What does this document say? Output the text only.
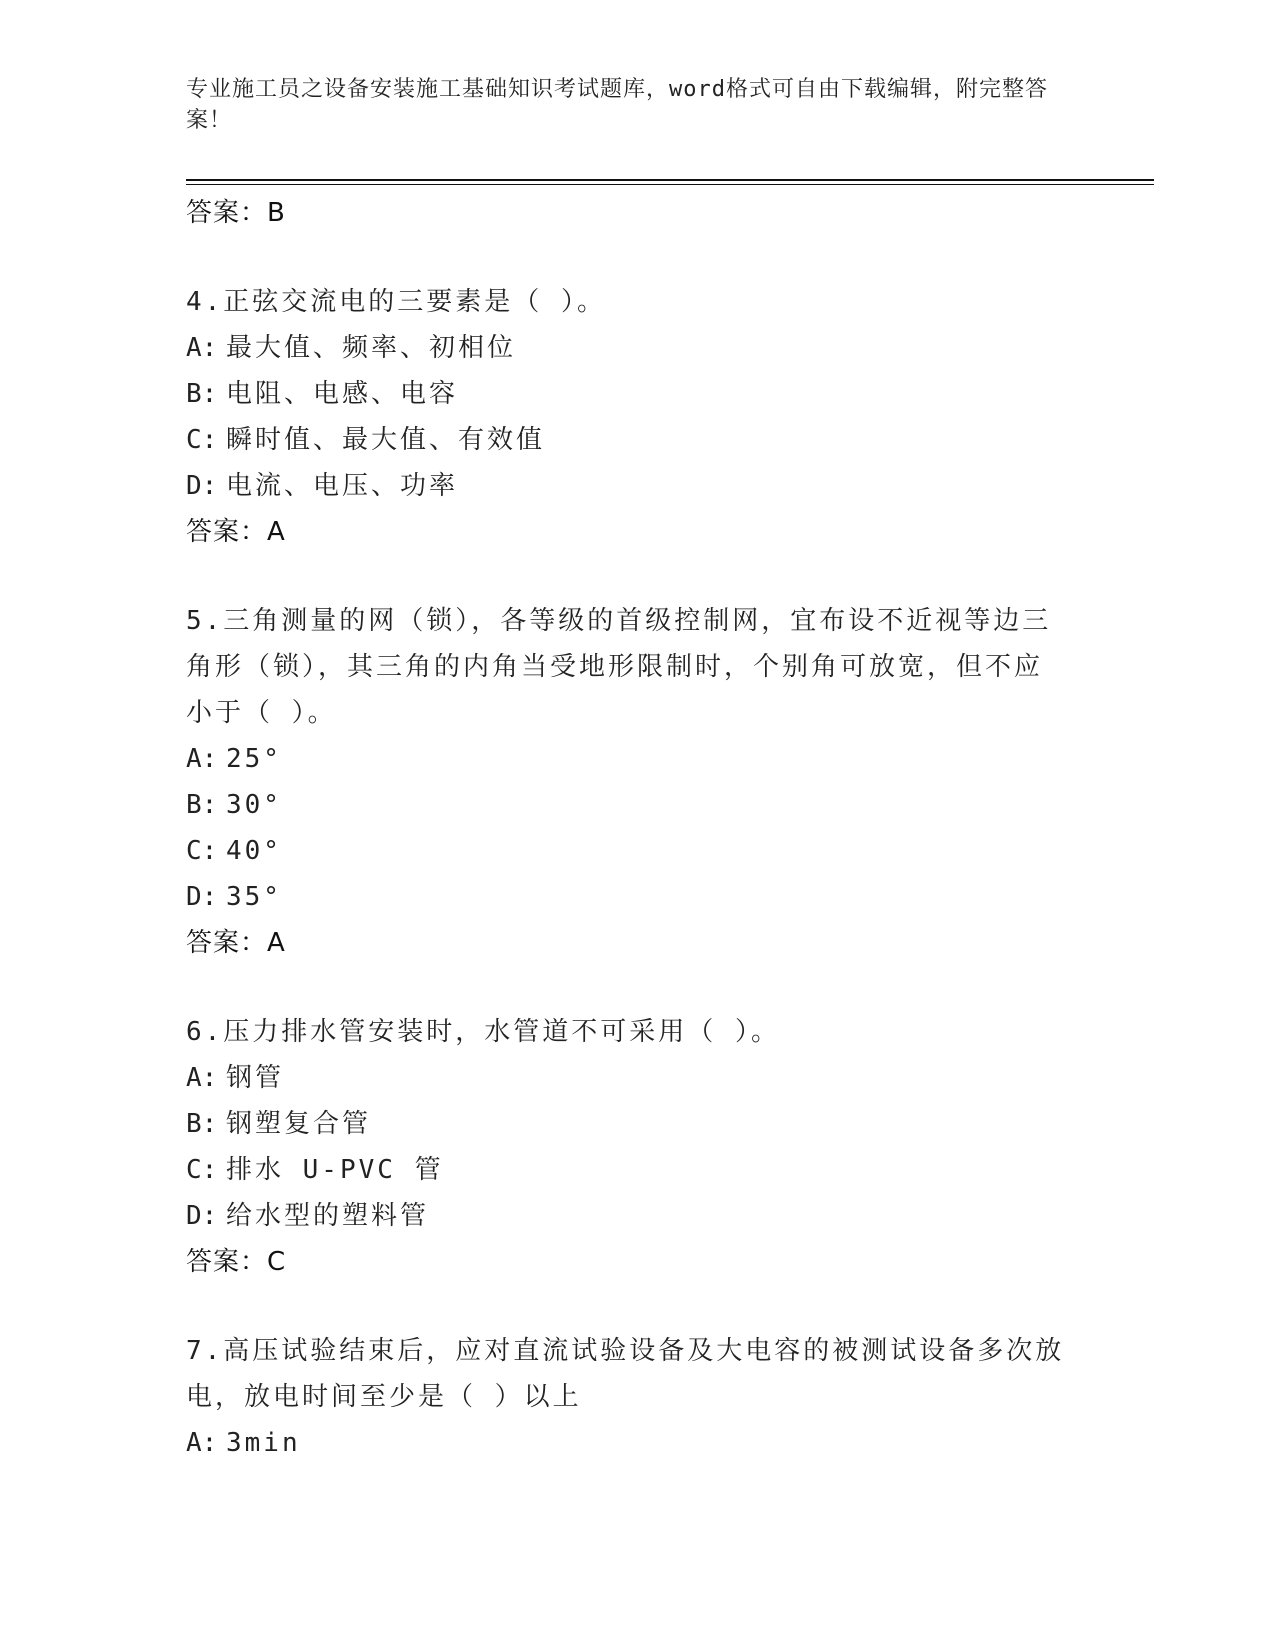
专业施工员之设备安装施工基础知识考试题库，word格式可自由下载编辑，附完整答案！
答案：B
4.正弦交流电的三要素是（ ）。
A: 最大值、频率、初相位
B: 电阻、电感、电容
C: 瞬时值、最大值、有效值
D: 电流、电压、功率
答案：A
5.三角测量的网（锁），各等级的首级控制网，宜布设不近视等边三角形（锁），其三角的内角当受地形限制时，个别角可放宽，但不应小于（ ）。
A: 25°
B: 30°
C: 40°
D: 35°
答案：A
6.压力排水管安装时，水管道不可采用（ ）。
A: 钢管
B: 钢塑复合管
C: 排水 U-PVC 管
D: 给水型的塑料管
答案：C
7.高压试验结束后，应对直流试验设备及大电容的被测试设备多次放电，放电时间至少是（ ）以上
A: 3min
